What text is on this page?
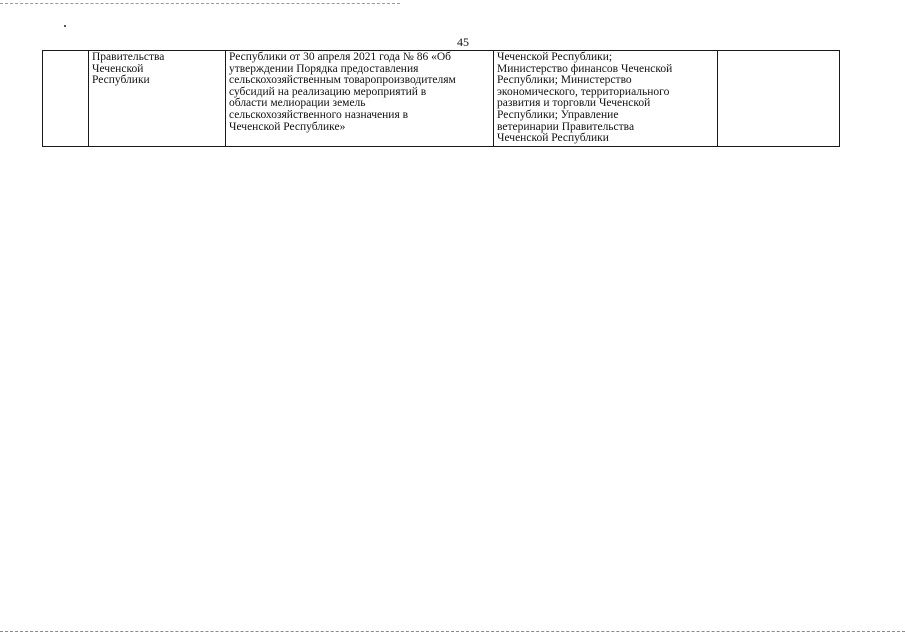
45

Правительства
Чеченской
Республики

Республики от 30 апреля 2021 года № 86 «Об
утверждении Порядка предоставления
сельскохозяйственным товаропроизводителям
субсидий на реализацию мероприятий в
области мелиорации земель
сельскохозяйственного назначения в
Чеченской Республике»

Чеченской Республики;
Министерство финансов Чеченской
Республики; Министерство
экономического, территориального
развития и торговли Чеченской
Республики; Управление
ветеринарии Правительства
Чеченской Республики
